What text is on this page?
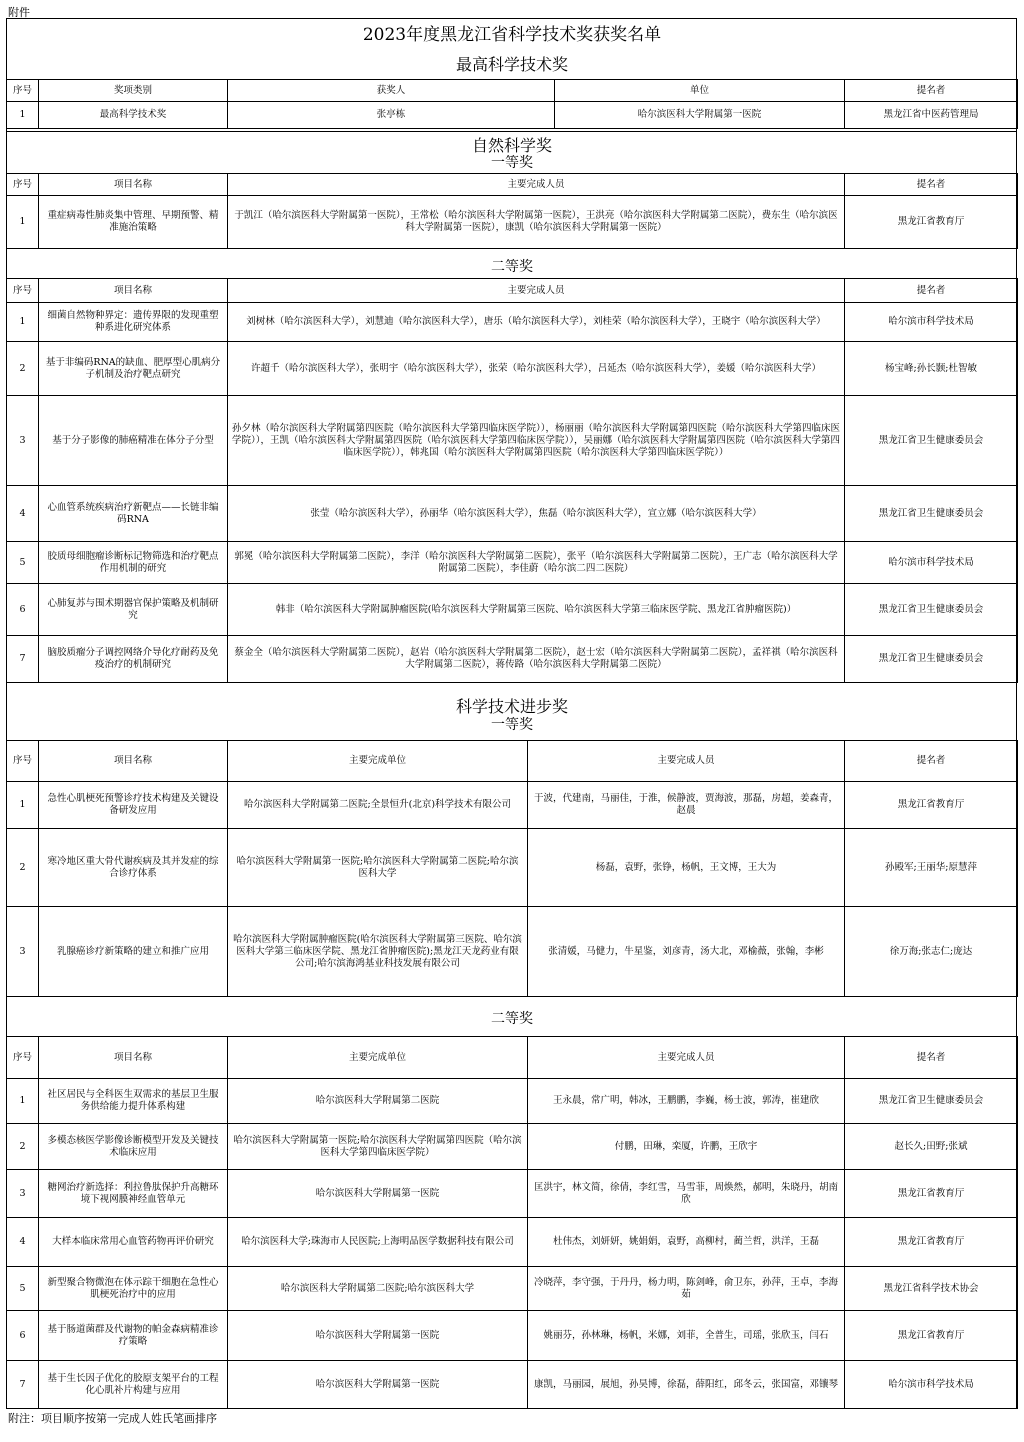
附件
2023年度黑龙江省科学技术奖获奖名单
最高科学技术奖
序号	奖项类别	获奖人	单位	提名者
1	最高科学技术奖	张亭栋	哈尔滨医科大学附属第一医院	黑龙江省中医药管理局
自然科学奖
一等奖
序号	项目名称	主要完成人员	提名者
1	重症病毒性肺炎集中管理、早期预警、精准施治策略	于凯江（哈尔滨医科大学附属第一医院），王常松（哈尔滨医科大学附属第一医院），王洪亮（哈尔滨医科大学附属第二医院），费东生（哈尔滨医科大学附属第一医院），康凯（哈尔滨医科大学附属第一医院）	黑龙江省教育厅
二等奖
序号	项目名称	主要完成人员	提名者
1	细菌自然物种界定：遗传界限的发现重塑种系进化研究体系	刘树林（哈尔滨医科大学），刘慧迪（哈尔滨医科大学），唐乐（哈尔滨医科大学），刘桂荣（哈尔滨医科大学），王晓宇（哈尔滨医科大学）	哈尔滨市科学技术局
2	基于非编码RNA的缺血、肥厚型心肌病分子机制及治疗靶点研究	许超千（哈尔滨医科大学），张明宇（哈尔滨医科大学），张荣（哈尔滨医科大学），吕延杰（哈尔滨医科大学），姜媛（哈尔滨医科大学）	杨宝峰;孙长颢;杜智敏
3	基于分子影像的肺癌精准在体分子分型	孙夕林（哈尔滨医科大学附属第四医院（哈尔滨医科大学第四临床医学院）），杨丽丽（哈尔滨医科大学附属第四医院（哈尔滨医科大学第四临床医学院）），王凯（哈尔滨医科大学附属第四医院（哈尔滨医科大学第四临床医学院）），吴丽娜（哈尔滨医科大学附属第四医院（哈尔滨医科大学第四临床医学院）），韩兆国（哈尔滨医科大学附属第四医院（哈尔滨医科大学第四临床医学院））	黑龙江省卫生健康委员会
4	心血管系统疾病治疗新靶点——长链非编码RNA	张莹（哈尔滨医科大学），孙丽华（哈尔滨医科大学），焦磊（哈尔滨医科大学），宣立娜（哈尔滨医科大学）	黑龙江省卫生健康委员会
5	胶质母细胞瘤诊断标记物筛选和治疗靶点作用机制的研究	郭冕（哈尔滨医科大学附属第二医院），李洋（哈尔滨医科大学附属第二医院），张平（哈尔滨医科大学附属第二医院），王广志（哈尔滨医科大学附属第二医院），李佳蔚（哈尔滨二四二医院）	哈尔滨市科学技术局
6	心肺复苏与围术期器官保护策略及机制研究	韩非（哈尔滨医科大学附属肿瘤医院(哈尔滨医科大学附属第三医院、哈尔滨医科大学第三临床医学院、黑龙江省肿瘤医院)）	黑龙江省卫生健康委员会
7	脑胶质瘤分子调控网络介导化疗耐药及免疫治疗的机制研究	蔡金全（哈尔滨医科大学附属第二医院），赵岩（哈尔滨医科大学附属第二医院），赵士宏（哈尔滨医科大学附属第二医院），孟祥祺（哈尔滨医科大学附属第二医院），蒋传路（哈尔滨医科大学附属第二医院）	黑龙江省卫生健康委员会
科学技术进步奖
一等奖
序号	项目名称	主要完成单位	主要完成人员	提名者
1	急性心肌梗死预警诊疗技术构建及关键设备研发应用	哈尔滨医科大学附属第二医院;全景恒升(北京)科学技术有限公司	于波，代建南，马丽佳，于淮，候静波，贾海波，那磊，房超，姜森青，赵晨	黑龙江省教育厅
2	寒冷地区重大骨代谢疾病及其并发症的综合诊疗体系	哈尔滨医科大学附属第一医院;哈尔滨医科大学附属第二医院;哈尔滨医科大学	杨磊，袁野，张铮，杨帆，王文博，王大为	孙殿军;王丽华;原慧萍
3	乳腺癌诊疗新策略的建立和推广应用	哈尔滨医科大学附属肿瘤医院(哈尔滨医科大学附属第三医院、哈尔滨医科大学第三临床医学院、黑龙江省肿瘤医院);黑龙江天龙药业有限公司;哈尔滨海鸿基业科技发展有限公司	张清媛，马健力，牛星鉴，刘彦青，汤大北，邓榆薇，张翰，李彬	徐万海;张志仁;庞达
二等奖
序号	项目名称	主要完成单位	主要完成人员	提名者
1	社区居民与全科医生双需求的基层卫生服务供给能力提升体系构建	哈尔滨医科大学附属第二医院	王永晨，常广明，韩冰，王鹏鹏，李巍，杨士波，郭涛，崔建欣	黑龙江省卫生健康委员会
2	多模态核医学影像诊断模型开发及关键技术临床应用	哈尔滨医科大学附属第一医院;哈尔滨医科大学附属第四医院（哈尔滨医科大学第四临床医学院）	付鹏，田琳，栾厦，许鹏，王欣宇	赵长久;田野;张斌
3	糖网治疗新选择：利拉鲁肽保护升高糖环境下视网膜神经血管单元	哈尔滨医科大学附属第一医院	匡洪宇，林文简，徐倩，李红雪，马雪菲，周焕然，郝明，朱晓丹，胡南欣	黑龙江省教育厅
4	大样本临床常用心血管药物再评价研究	哈尔滨医科大学;珠海市人民医院;上海明品医学数据科技有限公司	杜伟杰，刘妍妍，姚娟娟，袁野，高柳村，蔺兰哲，洪洋，王磊	黑龙江省教育厅
5	新型聚合物微泡在体示踪干细胞在急性心肌梗死治疗中的应用	哈尔滨医科大学附属第二医院;哈尔滨医科大学	冷晓萍，李守强，于丹丹，杨力明，陈剑峰，俞卫东，孙萍，王卓，李海茹	黑龙江省科学技术协会
6	基于肠道菌群及代谢物的帕金森病精准诊疗策略	哈尔滨医科大学附属第一医院	姚丽芬，孙林琳，杨帆，米娜，刘菲，全普生，司瑶，张欣玉，闫石	黑龙江省教育厅
7	基于生长因子优化的胶原支架平台的工程化心肌补片构建与应用	哈尔滨医科大学附属第一医院	康凯，马丽园，展旭，孙昊博，徐磊，薛阳红，邱冬云，张国富，邓镶琴	哈尔滨市科学技术局
附注：项目顺序按第一完成人姓氏笔画排序
